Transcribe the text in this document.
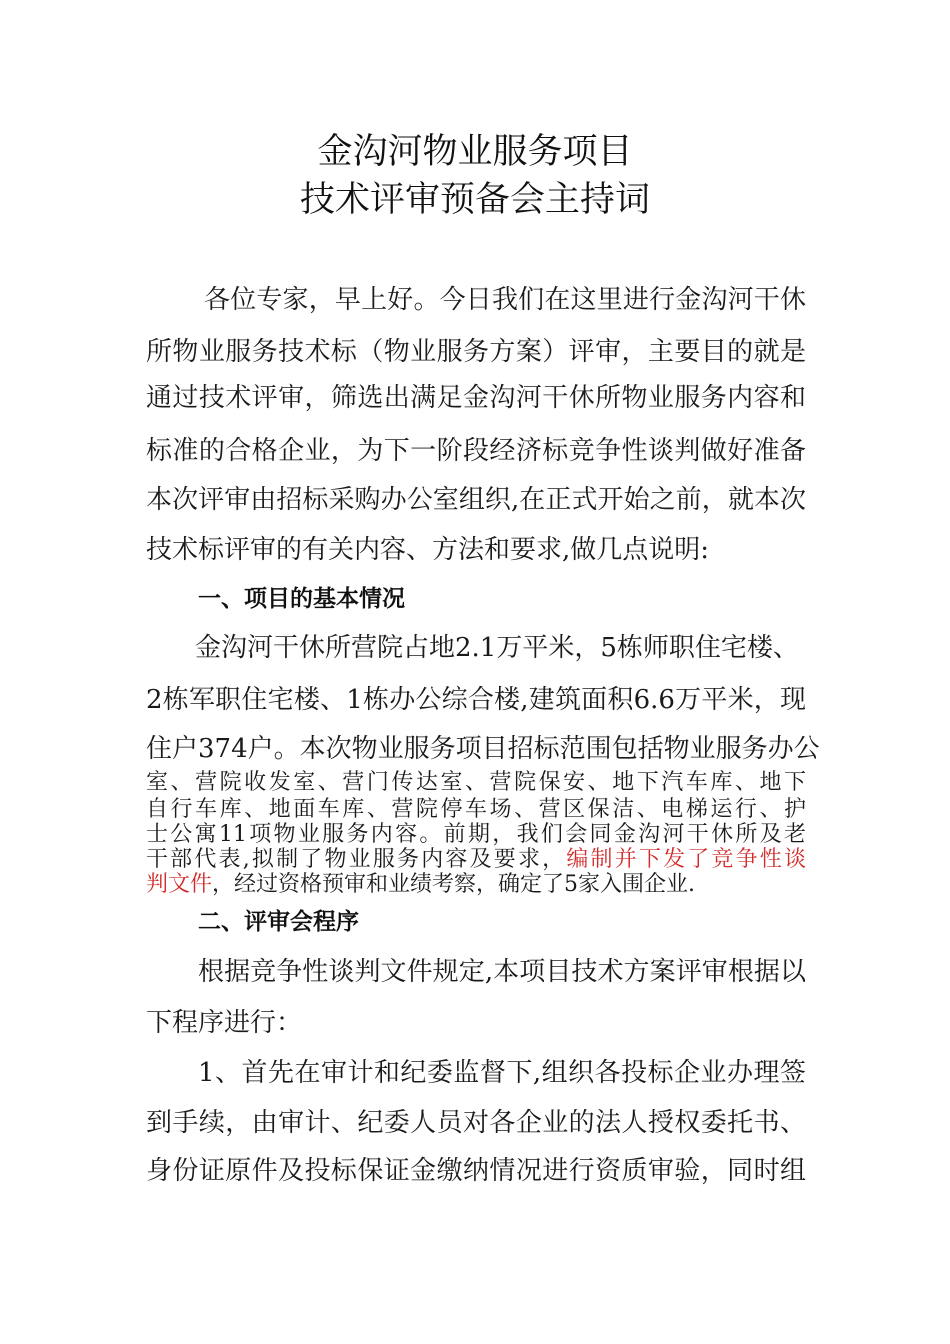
金沟河物业服务项目
技术评审预备会主持词
各位专家，早上好。今日我们在这里进行金沟河干休
所物业服务技术标（物业服务方案）评审，主要目的就是
通过技术评审，筛选出满足金沟河干休所物业服务内容和
标准的合格企业，为下一阶段经济标竞争性谈判做好准备
本次评审由招标采购办公室组织,在正式开始之前，就本次
技术标评审的有关内容、方法和要求,做几点说明:
一、项目的基本情况
金沟河干休所营院占地2.1万平米，5栋师职住宅楼、
2栋军职住宅楼、1栋办公综合楼,建筑面积6.6万平米，现
住户374户。本次物业服务项目招标范围包括物业服务办公
室、营院收发室、营门传达室、营院保安、地下汽车库、地下
自行车库、地面车库、营院停车场、营区保洁、电梯运行、护
士公寓11项物业服务内容。前期，我们会同金沟河干休所及老
干部代表,拟制了物业服务内容及要求，编制并下发了竞争性谈
判文件，经过资格预审和业绩考察，确定了5家入围企业.
二、评审会程序
根据竞争性谈判文件规定,本项目技术方案评审根据以
下程序进行：
1、首先在审计和纪委监督下,组织各投标企业办理签
到手续，由审计、纪委人员对各企业的法人授权委托书、
身份证原件及投标保证金缴纳情况进行资质审验，同时组
